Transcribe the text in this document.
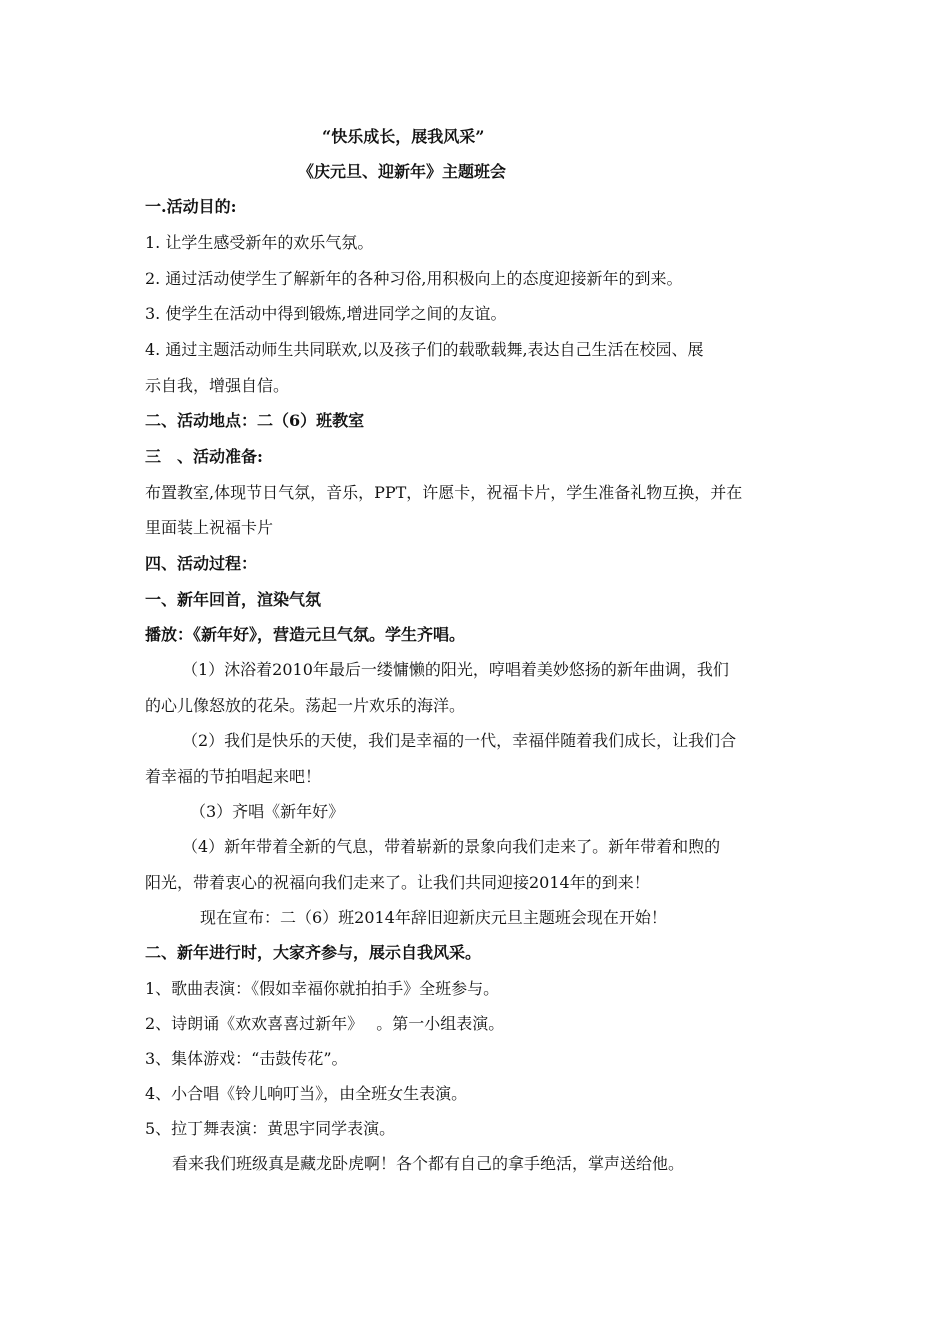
“快乐成长，展我风采”
《庆元旦、迎新年》主题班会
一.活动目的:
1. 让学生感受新年的欢乐气氛。
2. 通过活动使学生了解新年的各种习俗,用积极向上的态度迎接新年的到来。
3. 使学生在活动中得到锻炼,增进同学之间的友谊。
4. 通过主题活动师生共同联欢,以及孩子们的载歌载舞,表达自己生活在校园、展
示自我，增强自信。
二、活动地点：二（6）班教室
三　、活动准备:
布置教室,体现节日气氛，音乐，PPT，许愿卡，祝福卡片，学生准备礼物互换，并在
里面装上祝福卡片
四、活动过程：
一、新年回首，渲染气氛
播放：《新年好》，营造元旦气氛。学生齐唱。
（1）沐浴着2010年最后一缕慵懒的阳光，哼唱着美妙悠扬的新年曲调，我们
的心儿像怒放的花朵。荡起一片欢乐的海洋。
（2）我们是快乐的天使，我们是幸福的一代，幸福伴随着我们成长，让我们合
着幸福的节拍唱起来吧！
（3）齐唱《新年好》
（4）新年带着全新的气息，带着崭新的景象向我们走来了。新年带着和煦的
阳光，带着衷心的祝福向我们走来了。让我们共同迎接2014年的到来！
现在宣布：二（6）班2014年辞旧迎新庆元旦主题班会现在开始！
二、新年进行时，大家齐参与，展示自我风采。
1、歌曲表演：《假如幸福你就拍拍手》全班参与。
2、诗朗诵《欢欢喜喜过新年》　 。第一小组表演。
3、集体游戏：“击鼓传花”。
4、小合唱《铃儿响叮当》，由全班女生表演。
5、拉丁舞表演：黄思宇同学表演。
看来我们班级真是藏龙卧虎啊！各个都有自己的拿手绝活，掌声送给他。
